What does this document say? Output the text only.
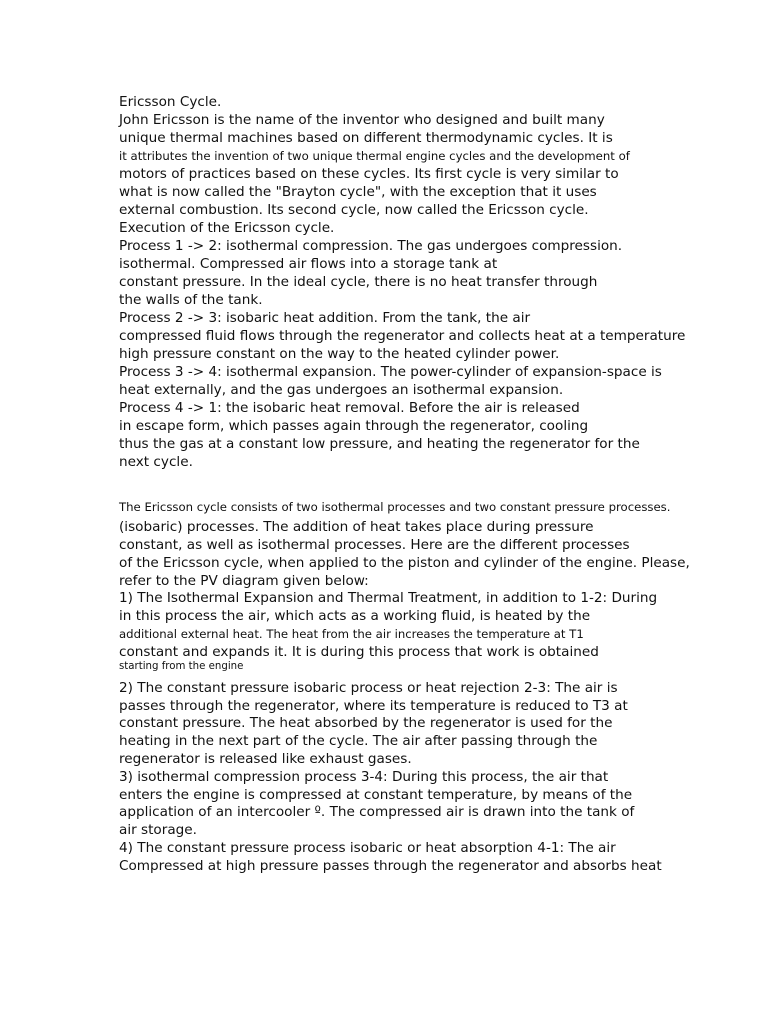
Ericsson Cycle.
John Ericsson is the name of the inventor who designed and built many
unique thermal machines based on different thermodynamic cycles. It is
it attributes the invention of two unique thermal engine cycles and the development of
motors of practices based on these cycles. Its first cycle is very similar to
what is now called the "Brayton cycle", with the exception that it uses
external combustion. Its second cycle, now called the Ericsson cycle.
Execution of the Ericsson cycle.
Process 1 -> 2: isothermal compression. The gas undergoes compression.
isothermal. Compressed air flows into a storage tank at
constant pressure. In the ideal cycle, there is no heat transfer through
the walls of the tank.
Process 2 -> 3: isobaric heat addition. From the tank, the air
compressed fluid flows through the regenerator and collects heat at a temperature
high pressure constant on the way to the heated cylinder power.
Process 3 -> 4: isothermal expansion. The power-cylinder of expansion-space is
heat externally, and the gas undergoes an isothermal expansion.
Process 4 -> 1: the isobaric heat removal. Before the air is released
in escape form, which passes again through the regenerator, cooling
thus the gas at a constant low pressure, and heating the regenerator for the
next cycle.
The Ericsson cycle consists of two isothermal processes and two constant pressure processes.
(isobaric) processes. The addition of heat takes place during pressure
constant, as well as isothermal processes. Here are the different processes
of the Ericsson cycle, when applied to the piston and cylinder of the engine. Please,
refer to the PV diagram given below:
1) The Isothermal Expansion and Thermal Treatment, in addition to 1-2: During
in this process the air, which acts as a working fluid, is heated by the
additional external heat. The heat from the air increases the temperature at T1
constant and expands it. It is during this process that work is obtained
starting from the engine
2) The constant pressure isobaric process or heat rejection 2-3: The air is
passes through the regenerator, where its temperature is reduced to T3 at
constant pressure. The heat absorbed by the regenerator is used for the
heating in the next part of the cycle. The air after passing through the
regenerator is released like exhaust gases.
3) isothermal compression process 3-4: During this process, the air that
enters the engine is compressed at constant temperature, by means of the
application of an intercooler º. The compressed air is drawn into the tank of
air storage.
4) The constant pressure process isobaric or heat absorption 4-1: The air
Compressed at high pressure passes through the regenerator and absorbs heat
